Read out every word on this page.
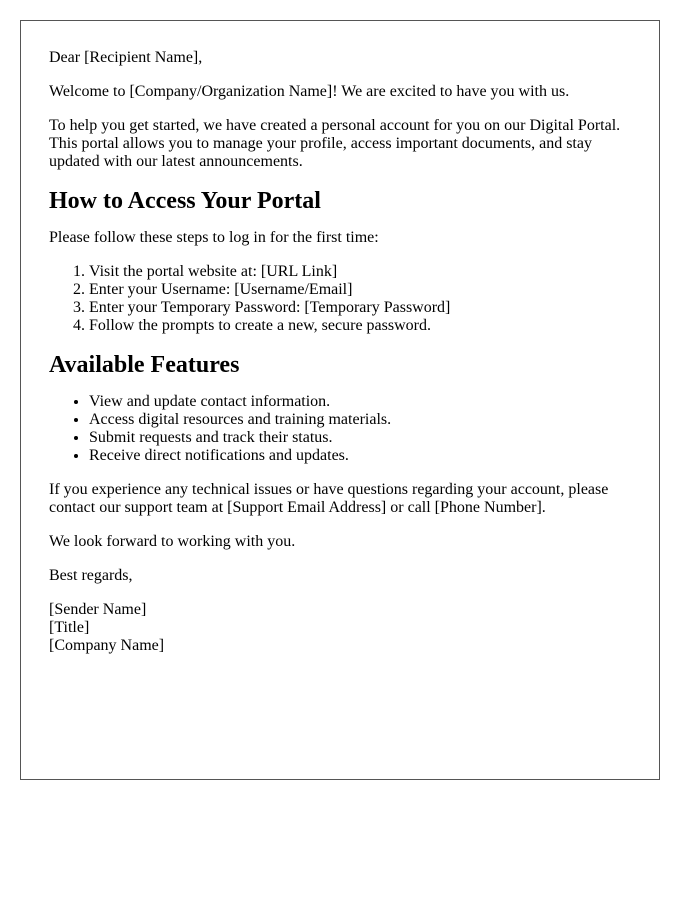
Dear [Recipient Name],

Welcome to [Company/Organization Name]! We are excited to have you with us.

To help you get started, we have created a personal account for you on our Digital Portal. This portal allows you to manage your profile, access important documents, and stay updated with our latest announcements.

How to Access Your Portal

Please follow these steps to log in for the first time:

1. Visit the portal website at: [URL Link]
2. Enter your Username: [Username/Email]
3. Enter your Temporary Password: [Temporary Password]
4. Follow the prompts to create a new, secure password.
Available Features
• View and update contact information.
• Access digital resources and training materials.
• Submit requests and track their status.
• Receive direct notifications and updates.

If you experience any technical issues or have questions regarding your account, please contact our support team at [Support Email Address] or call [Phone Number].

We look forward to working with you.

Best regards,

[Sender Name]
[Title]
[Company Name]
